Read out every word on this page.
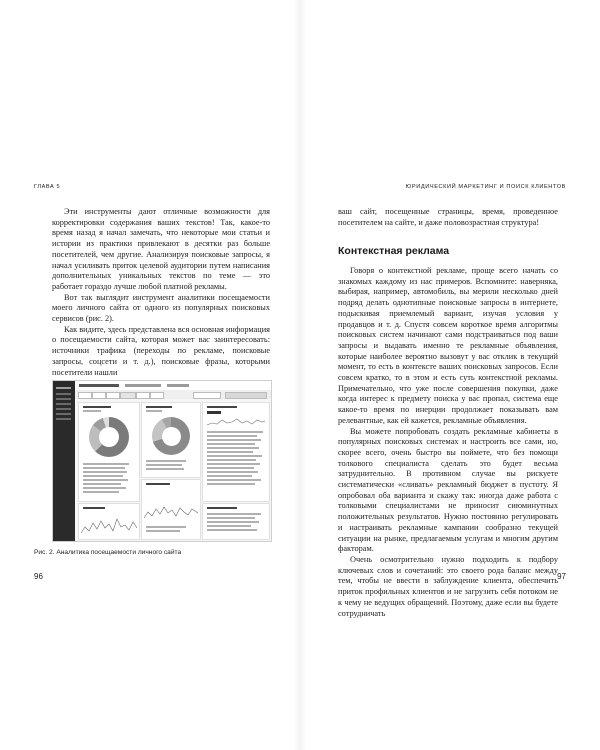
ГЛАВА 5

Эти инструменты дают отличные возможности для корректировки содержания ваших текстов! Так, какое-то время назад я начал замечать, что некоторые мои статьи и истории из практики привлекают в десятки раз больше посетителей, чем другие. Анализируя поисковые запросы, я начал усиливать приток целевой аудитории путем написания дополнительных уникальных текстов по теме — это работает гораздо лучше любой платной рекламы.

Вот так выглядит инструмент аналитики посещаемости моего личного сайта от одного из популярных поисковых сервисов (рис. 2).

Как видите, здесь представлена вся основная информация о посещаемости сайта, которая может вас заинтересовать: источники трафика (переходы по рекламе, поисковые запросы, соцсети и т. д.), поисковые фразы, которыми посетители нашли

Рис. 2. Аналитика посещаемости личного сайта
96
ЮРИДИЧЕСКИЙ МАРКЕТИНГ И ПОИСК КЛИЕНТОВ

ваш сайт, посещенные страницы, время, проведенное посетителем на сайте, и даже половозрастная структура!

Контекстная реклама

Говоря о контекстной рекламе, проще всего начать со знакомых каждому из нас примеров. Вспомните: наверняка, выбирая, например, автомобиль, вы мерили несколько дней подряд делать однотипные поисковые запросы в интернете, подыскивая приемлемый вариант, изучая условия у продавцов и т. д. Спустя совсем короткое время алгоритмы поисковых систем начинают сами подстраиваться под ваши запросы и выдавать именно те рекламные объявления, которые наиболее вероятно вызовут у вас отклик в текущий момент, то есть в контексте ваших поисковых запросов. Если совсем кратко, то в этом и есть суть контекстной рекламы. Примечательно, что уже после совершения покупки, даже когда интерес к предмету поиска у вас пропал, система еще какое-то время по инерции продолжает показывать вам релевантные, как ей кажется, рекламные объявления.

Вы можете попробовать создать рекламные кабинеты в популярных поисковых системах и настроить все сами, но, скорее всего, очень быстро вы поймете, что без помощи толкового специалиста сделать это будет весьма затруднительно. В противном случае вы рискуете систематически «сливать» рекламный бюджет в пустоту. Я опробовал оба варианта и скажу так: иногда даже работа с толковыми специалистами не приносит сиюминутных положительных результатов. Нужно постоянно регулировать и настраивать рекламные кампании сообразно текущей ситуации на рынке, предлагаемым услугам и многим другим факторам.

Очень осмотрительно нужно подходить к подбору ключевых слов и сочетаний: это своего рода баланс между тем, чтобы не ввести в заблуждение клиента, обеспечить приток профильных клиентов и не загрузить себя потоком не к чему не ведущих обращений. Поэтому, даже если вы будете сотрудничать

97
